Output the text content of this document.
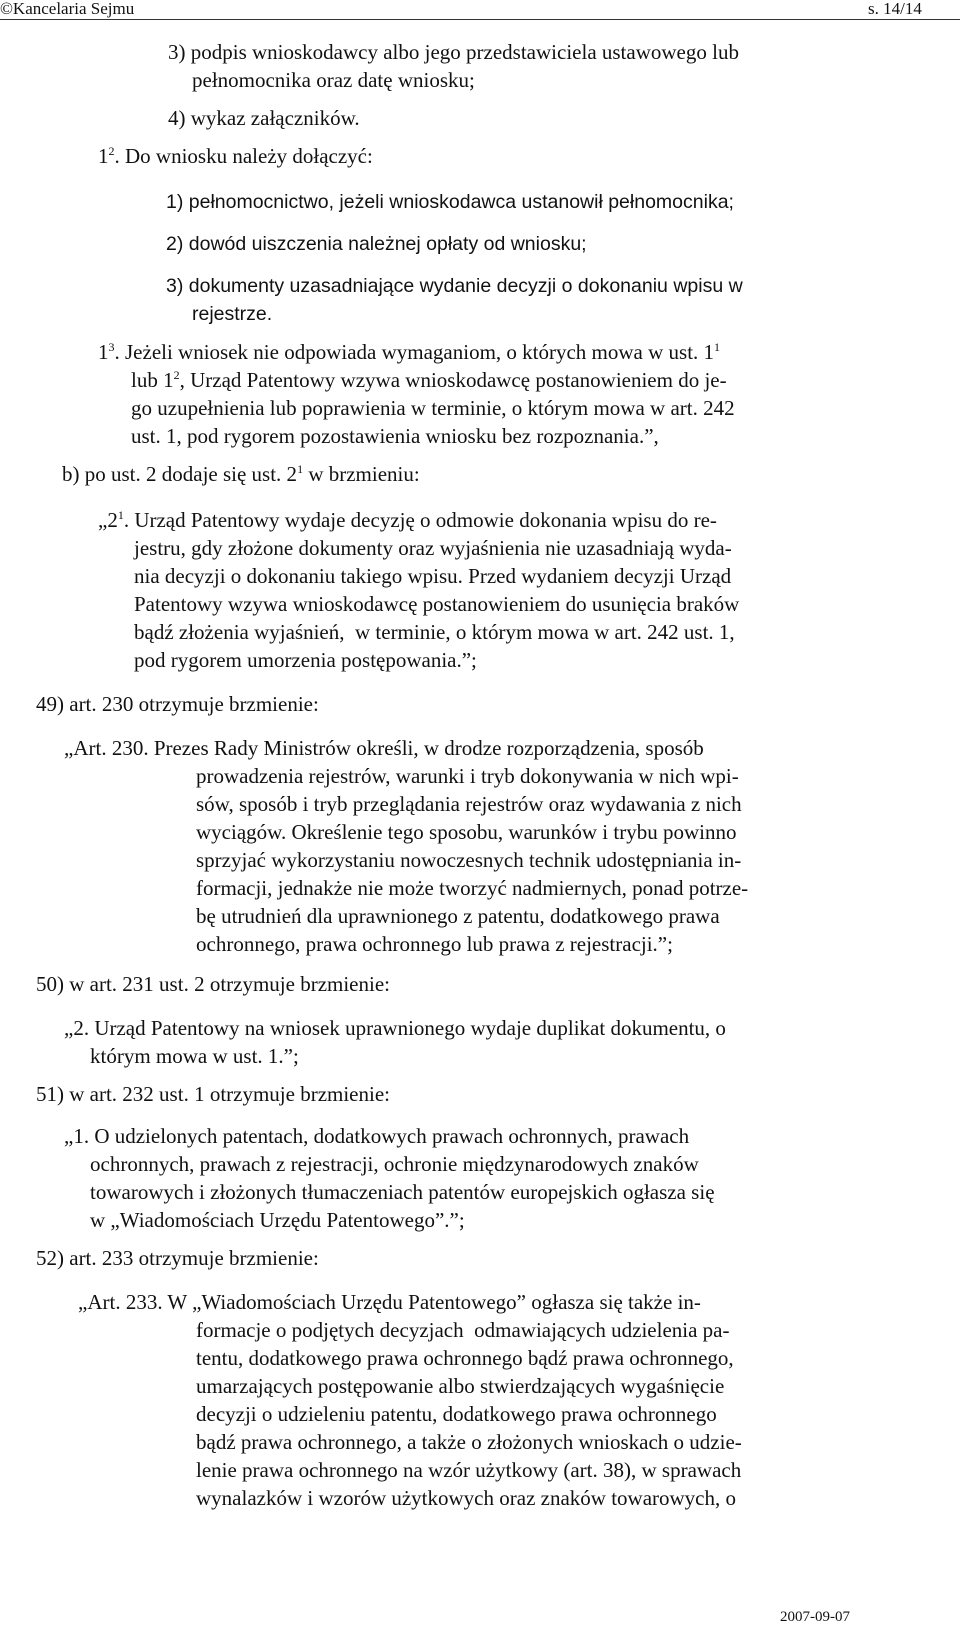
©Kancelaria Sejmu	s. 14/14
3) podpis wnioskodawcy albo jego przedstawiciela ustawowego lub
pełnomocnika oraz datę wniosku;
4) wykaz załączników.
$1^2$. Do wniosku należy dołączyć:
1) pełnomocnictwo, jeżeli wnioskodawca ustanowił pełnomocnika;
2) dowód uiszczenia należnej opłaty od wniosku;
3) dokumenty uzasadniające wydanie decyzji o dokonaniu wpisu w
rejestrze.
$1^3$. Jeżeli wniosek nie odpowiada wymaganiom, o których mowa w ust. $1^1$
lub $1^2$, Urząd Patentowy wzywa wnioskodawcę postanowieniem do je-
go uzupełnienia lub poprawienia w terminie, o którym mowa w art. 242
ust. 1, pod rygorem pozostawienia wniosku bez rozpoznania.”,
b) po ust. 2 dodaje się ust. $2^1$ w brzmieniu:
$„2^1$. Urząd Patentowy wydaje decyzję o odmowie dokonania wpisu do re-
jestru, gdy złożone dokumenty oraz wyjaśnienia nie uzasadniają wyda-
nia decyzji o dokonaniu takiego wpisu. Przed wydaniem decyzji Urząd
Patentowy wzywa wnioskodawcę postanowieniem do usunięcia braków
bądź złożenia wyjaśnień,  w terminie, o którym mowa w art. 242 ust. 1,
pod rygorem umorzenia postępowania.”;
49) art. 230 otrzymuje brzmienie:
„Art. 230. Prezes Rady Ministrów określi, w drodze rozporządzenia, sposób
prowadzenia rejestrów, warunki i tryb dokonywania w nich wpi-
sów, sposób i tryb przeglądania rejestrów oraz wydawania z nich
wyciągów. Określenie tego sposobu, warunków i trybu powinno
sprzyjać wykorzystaniu nowoczesnych technik udostępniania in-
formacji, jednakże nie może tworzyć nadmiernych, ponad potrze-
bę utrudnień dla uprawnionego z patentu, dodatkowego prawa
ochronnego, prawa ochronnego lub prawa z rejestracji.”;
50) w art. 231 ust. 2 otrzymuje brzmienie:
„2. Urząd Patentowy na wniosek uprawnionego wydaje duplikat dokumentu, o
którym mowa w ust. 1.”;
51) w art. 232 ust. 1 otrzymuje brzmienie:
„1. O udzielonych patentach, dodatkowych prawach ochronnych, prawach
ochronnych, prawach z rejestracji, ochronie międzynarodowych znaków
towarowych i złożonych tłumaczeniach patentów europejskich ogłasza się
w „Wiadomościach Urzędu Patentowego”.”;
52) art. 233 otrzymuje brzmienie:
„Art. 233. W „Wiadomościach Urzędu Patentowego” ogłasza się także in-
formacje o podjętych decyzjach  odmawiających udzielenia pa-
tentu, dodatkowego prawa ochronnego bądź prawa ochronnego,
umarzających postępowanie albo stwierdzających wygaśnięcie
decyzji o udzieleniu patentu, dodatkowego prawa ochronnego
bądź prawa ochronnego, a także o złożonych wnioskach o udzie-
lenie prawa ochronnego na wzór użytkowy (art. 38), w sprawach
wynalazków i wzorów użytkowych oraz znaków towarowych, o
2007-09-07
